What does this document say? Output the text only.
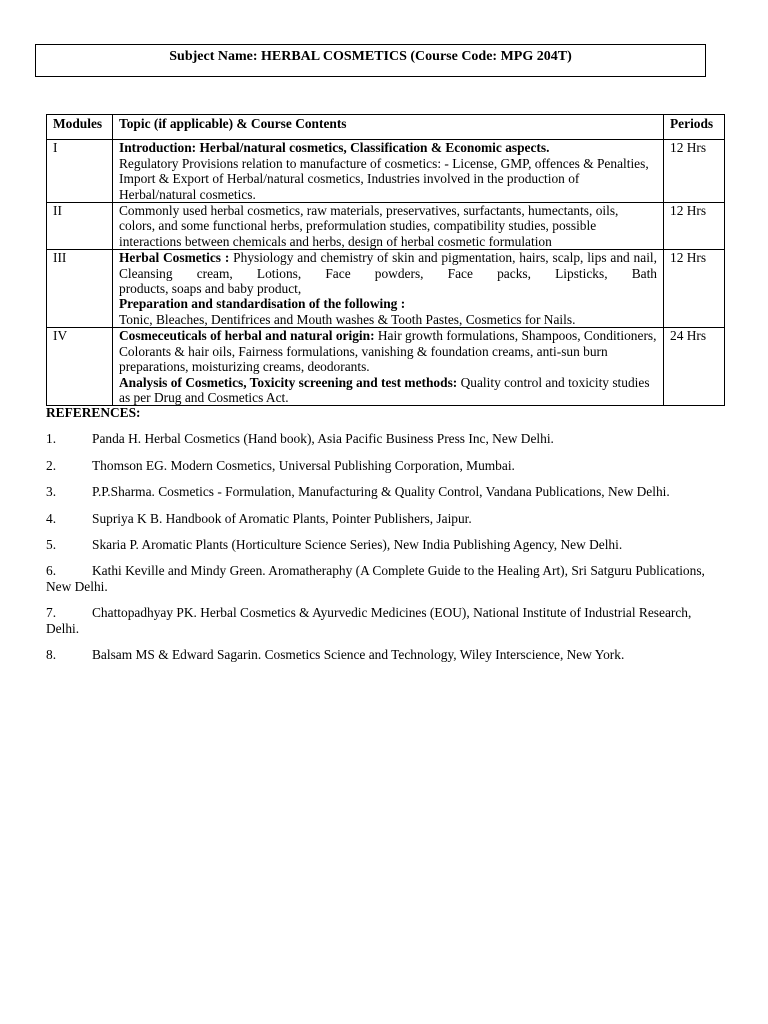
Subject Name: HERBAL COSMETICS (Course Code: MPG 204T)
Modules	Topic (if applicable) & Course Contents	Periods
I	Introduction: Herbal/natural cosmetics, Classification & Economic aspects.
Regulatory Provisions relation to manufacture of cosmetics: - License, GMP, offences & Penalties, Import & Export of Herbal/natural cosmetics, Industries involved in the production of Herbal/natural cosmetics.	12 Hrs
II	Commonly used herbal cosmetics, raw materials, preservatives, surfactants, humectants, oils, colors, and some functional herbs, preformulation studies, compatibility studies, possible interactions between chemicals and herbs, design of herbal cosmetic formulation	12 Hrs
III	Herbal Cosmetics : Physiology and chemistry of skin and pigmentation, hairs, scalp, lips and nail, Cleansing cream, Lotions, Face powders, Face packs, Lipsticks, Bath
products, soaps and baby product,
Preparation and standardisation of the following :
Tonic, Bleaches, Dentifrices and Mouth washes & Tooth Pastes, Cosmetics for Nails.	12 Hrs
IV	Cosmeceuticals of herbal and natural origin: Hair growth formulations, Shampoos, Conditioners, Colorants & hair oils, Fairness formulations, vanishing & foundation creams, anti-sun burn preparations, moisturizing creams, deodorants.
Analysis of Cosmetics, Toxicity screening and test methods: Quality control and toxicity studies as per Drug and Cosmetics Act.	24 Hrs
REFERENCES:
1.	Panda H. Herbal Cosmetics (Hand book), Asia Pacific Business Press Inc, New Delhi.
2.	Thomson EG. Modern Cosmetics, Universal Publishing Corporation, Mumbai.
3.	P.P.Sharma. Cosmetics - Formulation, Manufacturing & Quality Control, Vandana Publications, New Delhi.
4.	Supriya K B. Handbook of Aromatic Plants, Pointer Publishers, Jaipur.
5.	Skaria P. Aromatic Plants (Horticulture Science Series), New India Publishing Agency, New Delhi.
6.	Kathi Keville and Mindy Green. Aromatheraphy (A Complete Guide to the Healing Art), Sri Satguru Publications, New Delhi.
7.	Chattopadhyay PK. Herbal Cosmetics & Ayurvedic Medicines (EOU), National Institute of Industrial Research, Delhi.
8.	Balsam MS & Edward Sagarin. Cosmetics Science and Technology, Wiley Interscience, New York.
